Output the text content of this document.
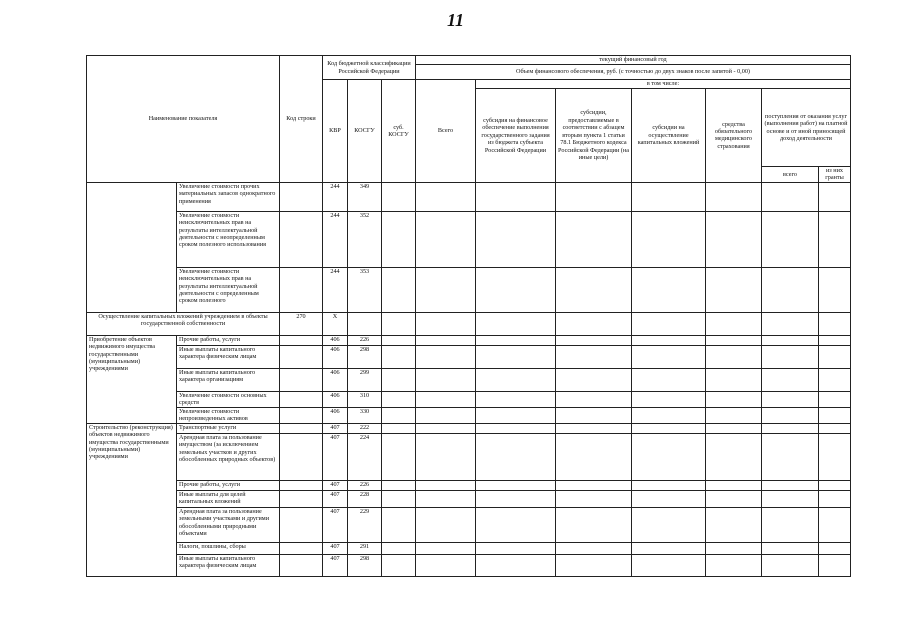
11
Наименование показателя		Код строки	Код бюджетной классификации Российской Федерации			текущий финансовый год						
						Объем финансового обеспечения, руб. (с точностью до двух знаков после запятой - 0,00)						
			КВР	КОСГУ	суб. КОСГУ	Всего	в том числе:					
							субсидия на финансовое обеспечение выполнения государственного задания из бюджета субъекта Российской Федерации	субсидии, предоставляемые в соответствии с абзацем вторым пункта 1 статьи 78.1 Бюджетного кодекса Российской Федерации (на иные цели)	субсидии на осуществление капитальных вложений	средства обязательного медицинского страхования	поступления от оказания услуг (выполнения работ) на платной основе и от иной приносящей доход деятельности	
											всего	из них гранты
	Увеличение стоимости прочих материальных запасов однократного применения		244	349								
	Увеличение стоимости неисключительных прав на результаты интеллектуальной деятельности с неопределенным сроком полезного использования		244	352								
	Увеличение стоимости неисключительных прав на результаты интеллектуальной деятельности с определенным сроком полезного		244	353								
Осуществление капитальных вложений учреждением в объекты государственной собственности		270	X									
Приобретение объектов недвижимого имущества государственными (муниципальными) учреждениями	Прочие работы, услуги		406	226								
	Иные выплаты капитального характера физическим лицам		406	298								
	Иные выплаты капитального характера организациям		406	299								
	Увеличение стоимости основных средств		406	310								
	Увеличение стоимости непроизведенных активов		406	330								
Строительство (реконструкция) объектов недвижимого имущества государственными (муниципальными) учреждениями	Транспортные услуги		407	222								
	Арендная плата за пользование имуществом (за исключением земельных участков и других обособленных природных объектов)		407	224								
	Прочие работы, услуги		407	226								
	Иные выплаты для целей капитальных вложений		407	228								
	Арендная плата за пользование земельными участками и другими обособленными природными объектами		407	229								
	Налоги, пошлины, сборы		407	291								
	Иные выплаты капитального характера физическим лицам		407	298								
